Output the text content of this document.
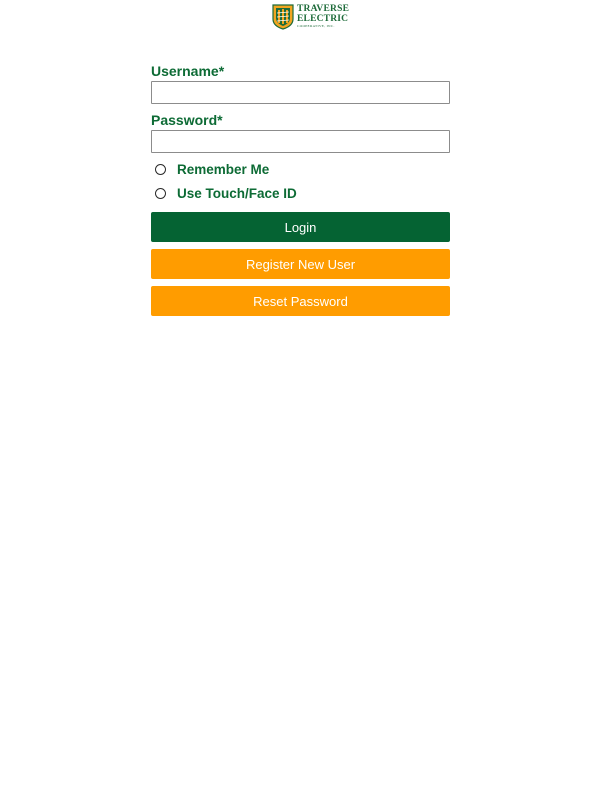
TRAVERSE
ELECTRIC
COOPERATIVE, INC.
Username*
Password*
Remember Me
Use Touch/Face ID
Login
Register New User
Reset Password
